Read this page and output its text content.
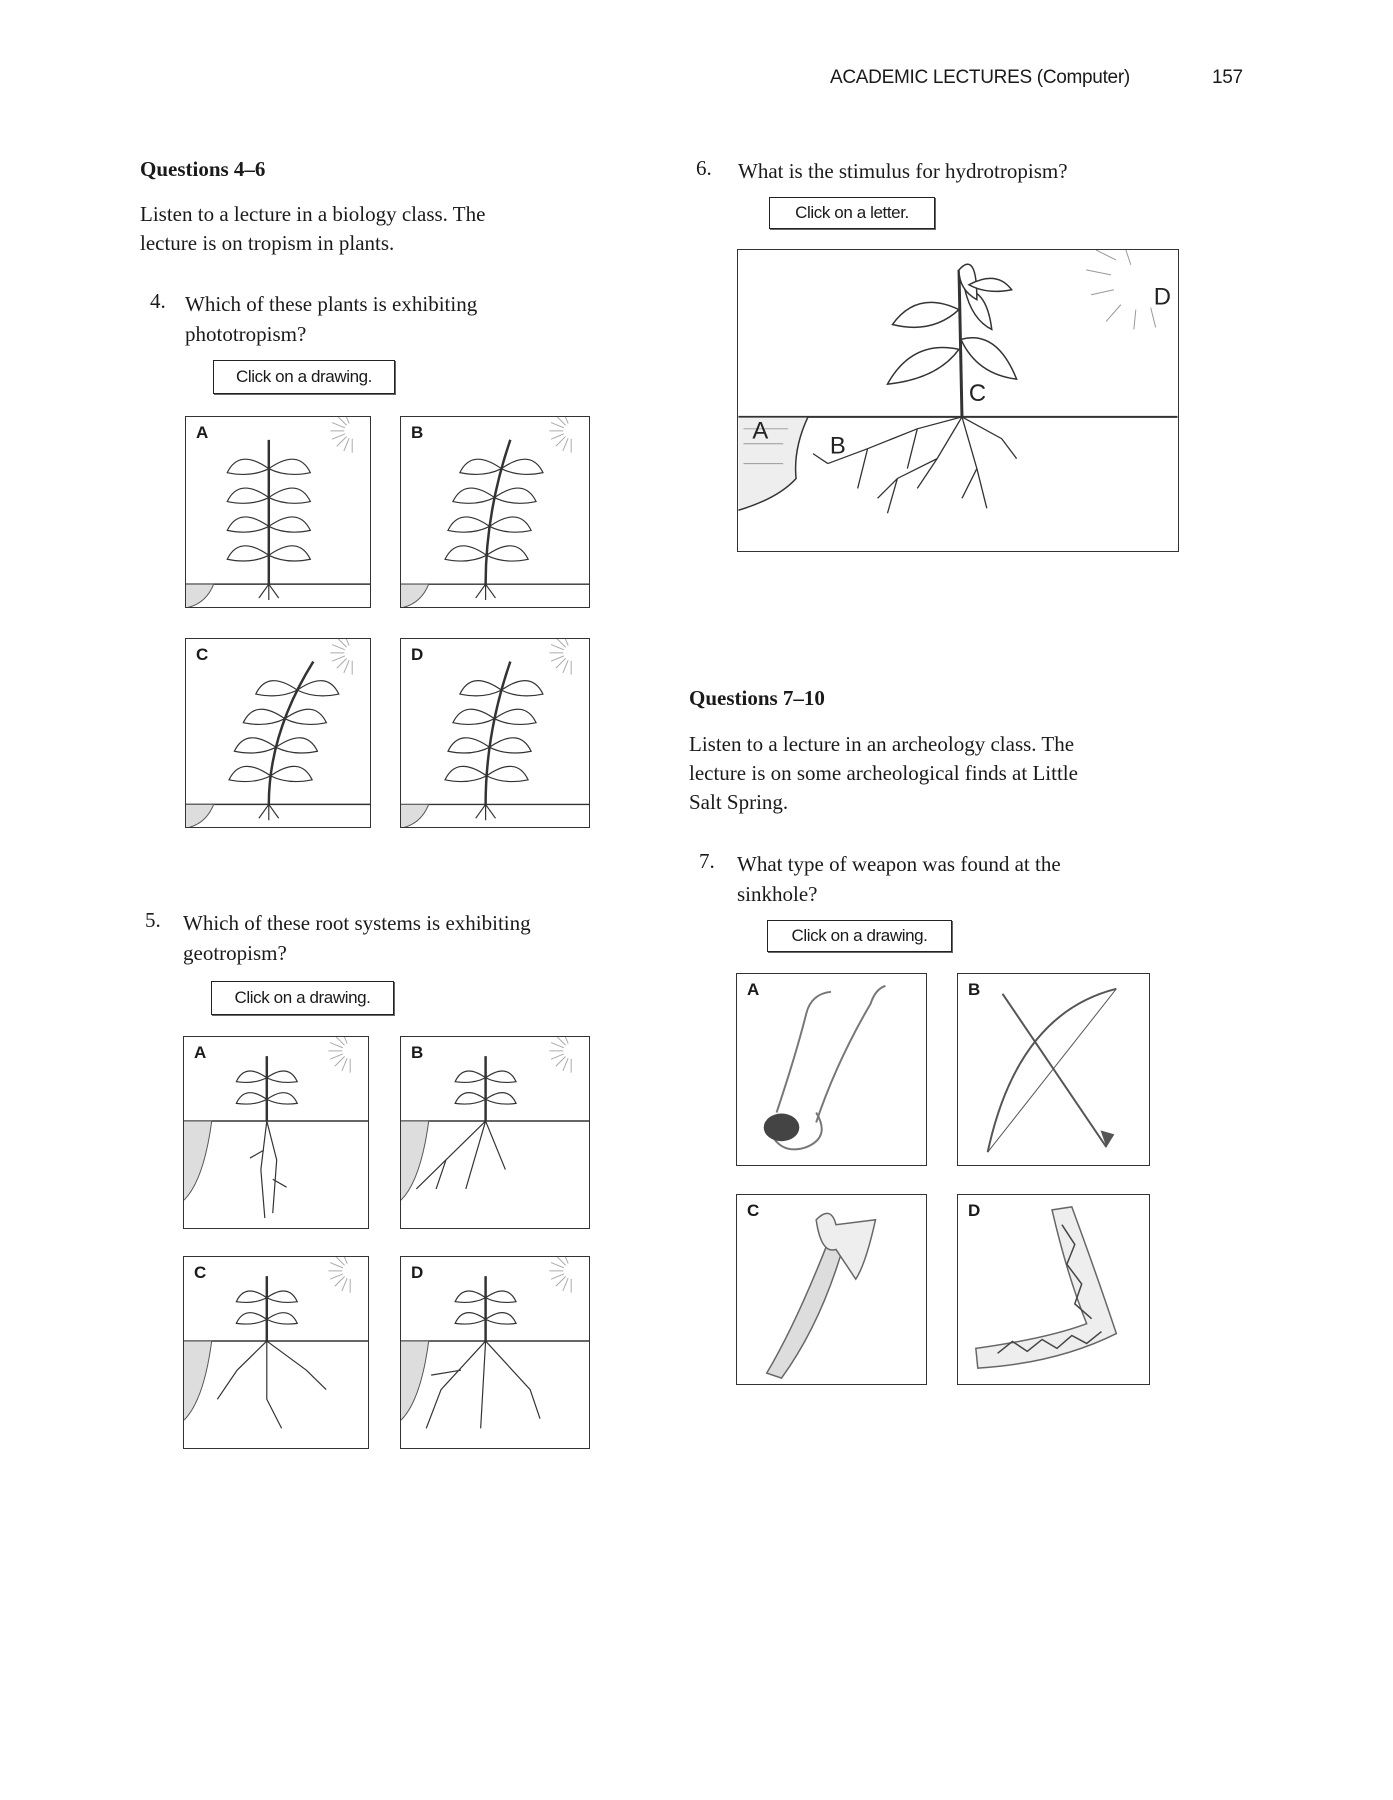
ACADEMIC LECTURES (Computer)	157
Questions 4–6
Listen to a lecture in a biology class. The
lecture is on tropism in plants.
4. Which of these plants is exhibiting
phototropism?
Click on a drawing.
A	B
C	D
5. Which of these root systems is exhibiting
geotropism?
Click on a drawing.
A	B
C	D
6. What is the stimulus for hydrotropism?
Click on a letter.
A
B
C
D
Questions 7–10
Listen to a lecture in an archeology class. The
lecture is on some archeological finds at Little
Salt Spring.
7. What type of weapon was found at the
sinkhole?
Click on a drawing.
A	B
C	D
